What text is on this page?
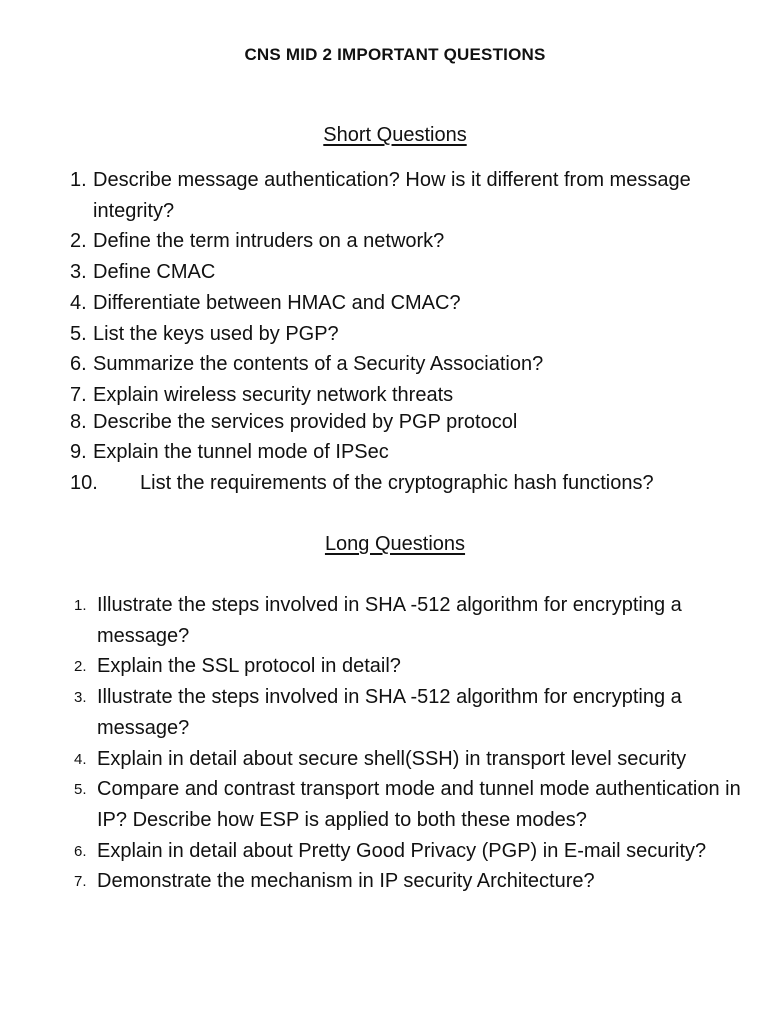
CNS MID 2 IMPORTANT QUESTIONS
Short Questions
1. Describe message authentication? How is it different from message integrity?
2. Define the term intruders on a network?
3. Define CMAC
4. Differentiate between HMAC and CMAC?
5. List the keys used by PGP?
6. Summarize the contents of a Security Association?
7. Explain wireless security network threats
8. Describe the services provided by PGP protocol
9. Explain the tunnel mode of IPSec
10. List the requirements of the cryptographic hash functions?
Long Questions
1. Illustrate the steps involved in SHA -512 algorithm for encrypting a message?
2. Explain the SSL protocol in detail?
3. Illustrate the steps involved in SHA -512 algorithm for encrypting a message?
4. Explain in detail about secure shell(SSH) in transport level security
5. Compare and contrast transport mode and tunnel mode authentication in IP? Describe how ESP is applied to both these modes?
6. Explain in detail about Pretty Good Privacy (PGP) in E-mail security?
7. Demonstrate the mechanism in IP security Architecture?
